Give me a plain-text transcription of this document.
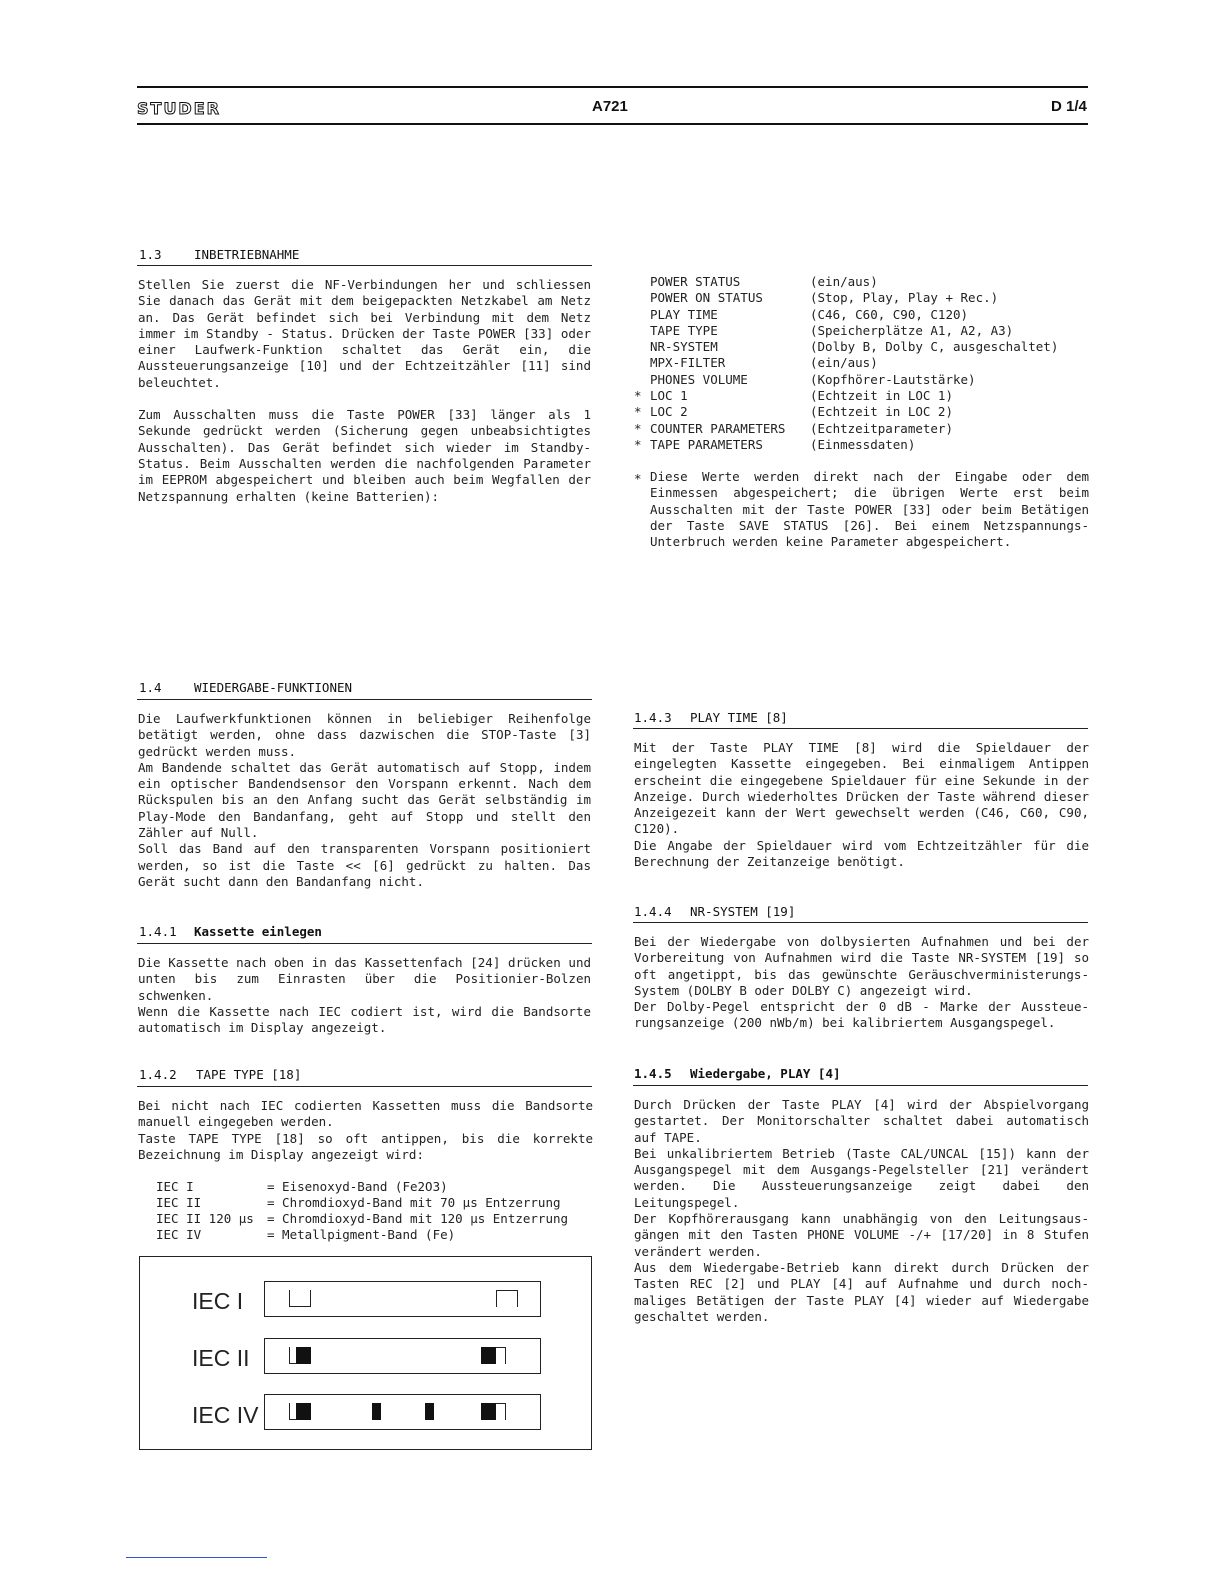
STUDER	A721	D 1/4
1.3	INBETRIEBNAHME

Stellen Sie zuerst die NF-Verbindungen her und schliessen Sie danach das Gerät mit dem beigepackten Netzkabel am Netz an. Das Gerät befindet sich bei Verbindung mit dem Netz immer im Standby - Status. Drücken der Taste POWER [33] oder einer Laufwerk-Funktion schaltet das Gerät ein, die Aussteuerungsanzeige [10] und der Echtzeitzähler [11] sind beleuchtet.

Zum Ausschalten muss die Taste POWER [33] länger als 1 Sekunde gedrückt werden (Sicherung gegen unbeabsichtigtes Ausschalten). Das Gerät befindet sich wieder im Standby-Status. Beim Ausschalten werden die nachfolgenden Parameter im EEPROM abgespeichert und bleiben auch beim Wegfallen der Netzspannung erhalten (keine Batterien):

POWER STATUS	(ein/aus)
POWER ON STATUS	(Stop, Play, Play + Rec.)
PLAY TIME	(C46, C60, C90, C120)
TAPE TYPE	(Speicherplätze A1, A2, A3)
NR-SYSTEM	(Dolby B, Dolby C, ausgeschaltet)
MPX-FILTER	(ein/aus)
PHONES VOLUME	(Kopfhörer-Lautstärke)
* LOC 1	(Echtzeit in LOC 1)
* LOC 2	(Echtzeit in LOC 2)
* COUNTER PARAMETERS	(Echtzeitparameter)
* TAPE PARAMETERS	(Einmessdaten)
* Diese Werte werden direkt nach der Eingabe oder dem Einmessen abgespeichert; die übrigen Werte erst beim Ausschalten mit der Taste POWER [33] oder beim Betätigen der Taste SAVE STATUS [26]. Bei einem Netzspannungs-Unterbruch werden keine Parameter abgespeichert.
1.4	WIEDERGABE-FUNKTIONEN

Die Laufwerkfunktionen können in beliebiger Reihenfolge betätigt werden, ohne dass dazwischen die STOP-Taste [3] gedrückt werden muss.

Am Bandende schaltet das Gerät automatisch auf Stopp, indem ein optischer Bandendsensor den Vorspann erkennt. Nach dem Rückspulen bis an den Anfang sucht das Gerät selbständig im Play-Mode den Bandanfang, geht auf Stopp und stellt den Zähler auf Null.

Soll das Band auf den transparenten Vorspann positioniert werden, so ist die Taste << [6] gedrückt zu halten. Das Gerät sucht dann den Bandanfang nicht.

1.4.1 Kassette einlegen

Die Kassette nach oben in das Kassettenfach [24] drücken und unten bis zum Einrasten über die Positionier-Bolzen schwenken.

Wenn die Kassette nach IEC codiert ist, wird die Bandsorte automatisch im Display angezeigt.

1.4.2 TAPE TYPE [18]

Bei nicht nach IEC codierten Kassetten muss die Bandsorte manuell eingegeben werden.

Taste TAPE TYPE [18] so oft antippen, bis die korrekte Bezeichnung im Display angezeigt wird:

IEC I	= Eisenoxyd-Band (Fe2O3)
IEC II	= Chromdioxyd-Band mit 70 µs Entzerrung
IEC II 120 µs	= Chromdioxyd-Band mit 120 µs Entzerrung
IEC IV	= Metallpigment-Band (Fe)
IEC I
IEC II
IEC IV
1.4.3 PLAY TIME [8]

Mit der Taste PLAY TIME [8] wird die Spieldauer der eingelegten Kassette eingegeben. Bei einmaligem Antippen erscheint die eingegebene Spieldauer für eine Sekunde in der Anzeige. Durch wiederholtes Drücken der Taste während dieser Anzeigezeit kann der Wert gewechselt werden (C46, C60, C90, C120).

Die Angabe der Spieldauer wird vom Echtzeitzähler für die Berechnung der Zeitanzeige benötigt.

1.4.4 NR-SYSTEM [19]

Bei der Wiedergabe von dolbysierten Aufnahmen und bei der Vorbereitung von Aufnahmen wird die Taste NR-SYSTEM [19] so oft angetippt, bis das gewünschte Geräuschverministerungs-System (DOLBY B oder DOLBY C) angezeigt wird.

Der Dolby-Pegel entspricht der 0 dB - Marke der Aussteuerungsanzeige (200 nWb/m) bei kalibriertem Ausgangspegel.

1.4.5 Wiedergabe, PLAY [4]

Durch Drücken der Taste PLAY [4] wird der Abspielvorgang gestartet. Der Monitorschalter schaltet dabei automatisch auf TAPE.

Bei unkalibriertem Betrieb (Taste CAL/UNCAL [15]) kann der Ausgangspegel mit dem Ausgangs-Pegelsteller [21] verändert werden. Die Aussteuerungsanzeige zeigt dabei den Leitungspegel.

Der Kopfhörerausgang kann unabhängig von den Leitungsausgängen mit den Tasten PHONE VOLUME -/+ [17/20] in 8 Stufen verändert werden.

Aus dem Wiedergabe-Betrieb kann direkt durch Drücken der Tasten REC [2] und PLAY [4] auf Aufnahme und durch nochmaliges Betätigen der Taste PLAY [4] wieder auf Wiedergabe geschaltet werden.
